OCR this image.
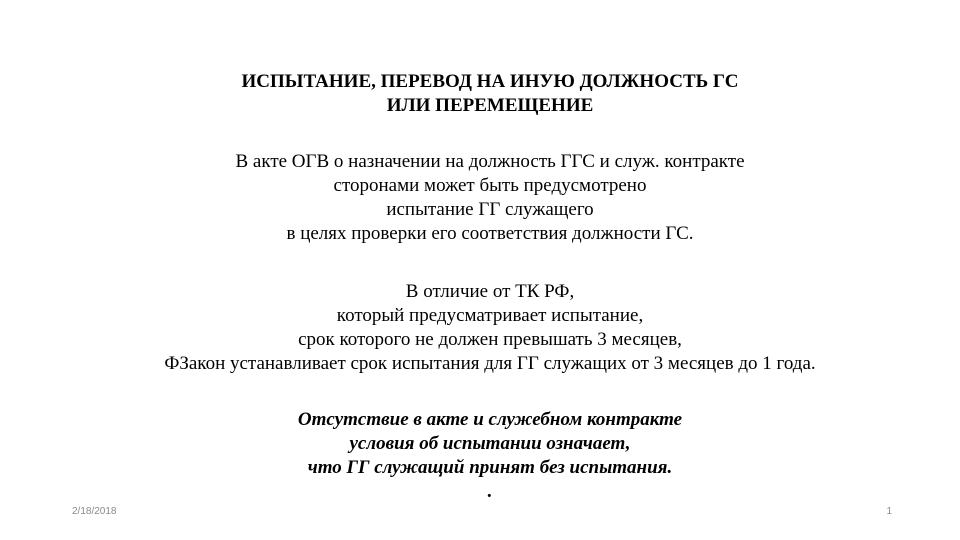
ИСПЫТАНИЕ, ПЕРЕВОД НА ИНУЮ ДОЛЖНОСТЬ ГС
ИЛИ ПЕРЕМЕЩЕНИЕ
В акте ОГВ о назначении на должность ГГС и служ. контракте
сторонами может быть предусмотрено
испытание ГГ служащего
в целях проверки его соответствия должности ГС.
В отличие от ТК РФ,
который предусматривает испытание,
срок которого не должен превышать 3 месяцев,
ФЗакон устанавливает срок испытания для ГГ служащих от 3 месяцев до 1 года.
Отсутствие в акте и служебном контракте
условия об испытании означает,
что ГГ служащий принят без испытания.
.
2/18/2018	1
